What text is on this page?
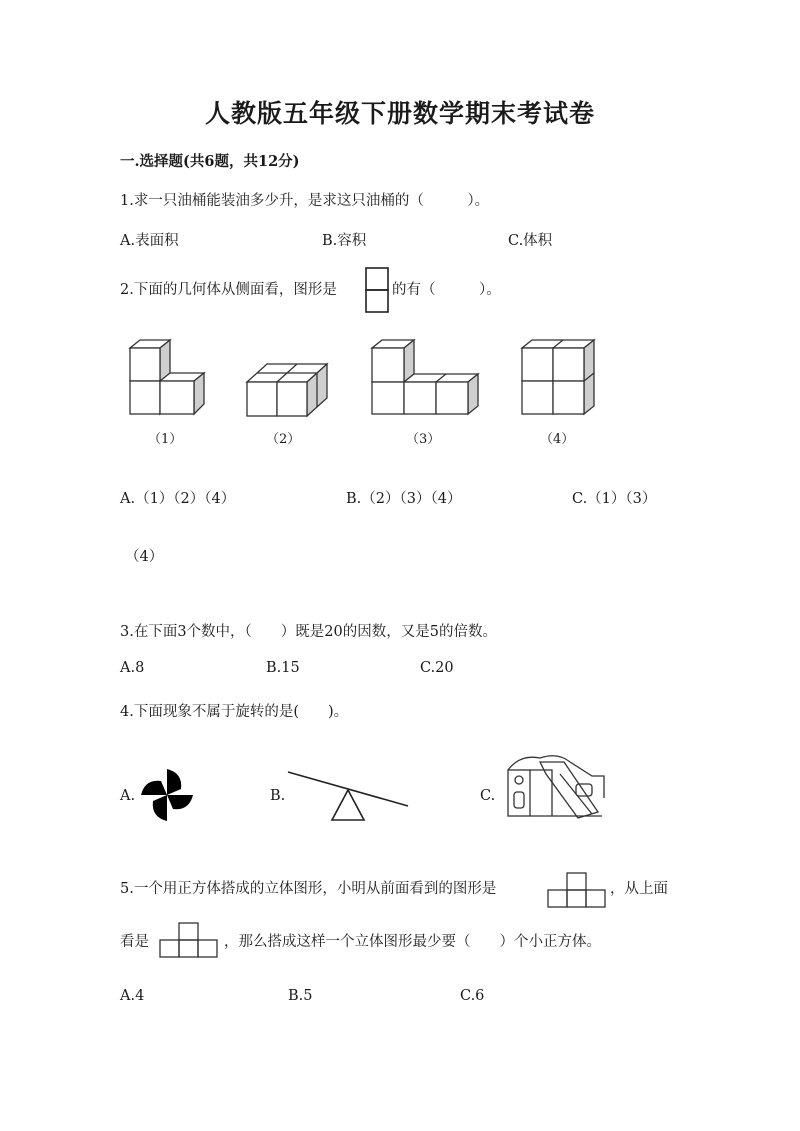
人教版五年级下册数学期末考试卷
一.选择题(共6题，共12分)
1.求一只油桶能装油多少升，是求这只油桶的（　　　）。
A.表面积	B.容积	C.体积
2.下面的几何体从侧面看，图形是	的有（　　　）。
（1）	（2）	（3）	（4）
A.（1）（2）（4）	B.（2）（3）（4）	C.（1）（3）
（4）
3.在下面3个数中，（　　）既是20的因数，又是5的倍数。
A.8	B.15	C.20
4.下面现象不属于旋转的是(　　)。
A.	B.	C.
5.一个用正方体搭成的立体图形，小明从前面看到的图形是	，从上面
看是	，那么搭成这样一个立体图形最少要（　　）个小正方体。
A.4	B.5	C.6
